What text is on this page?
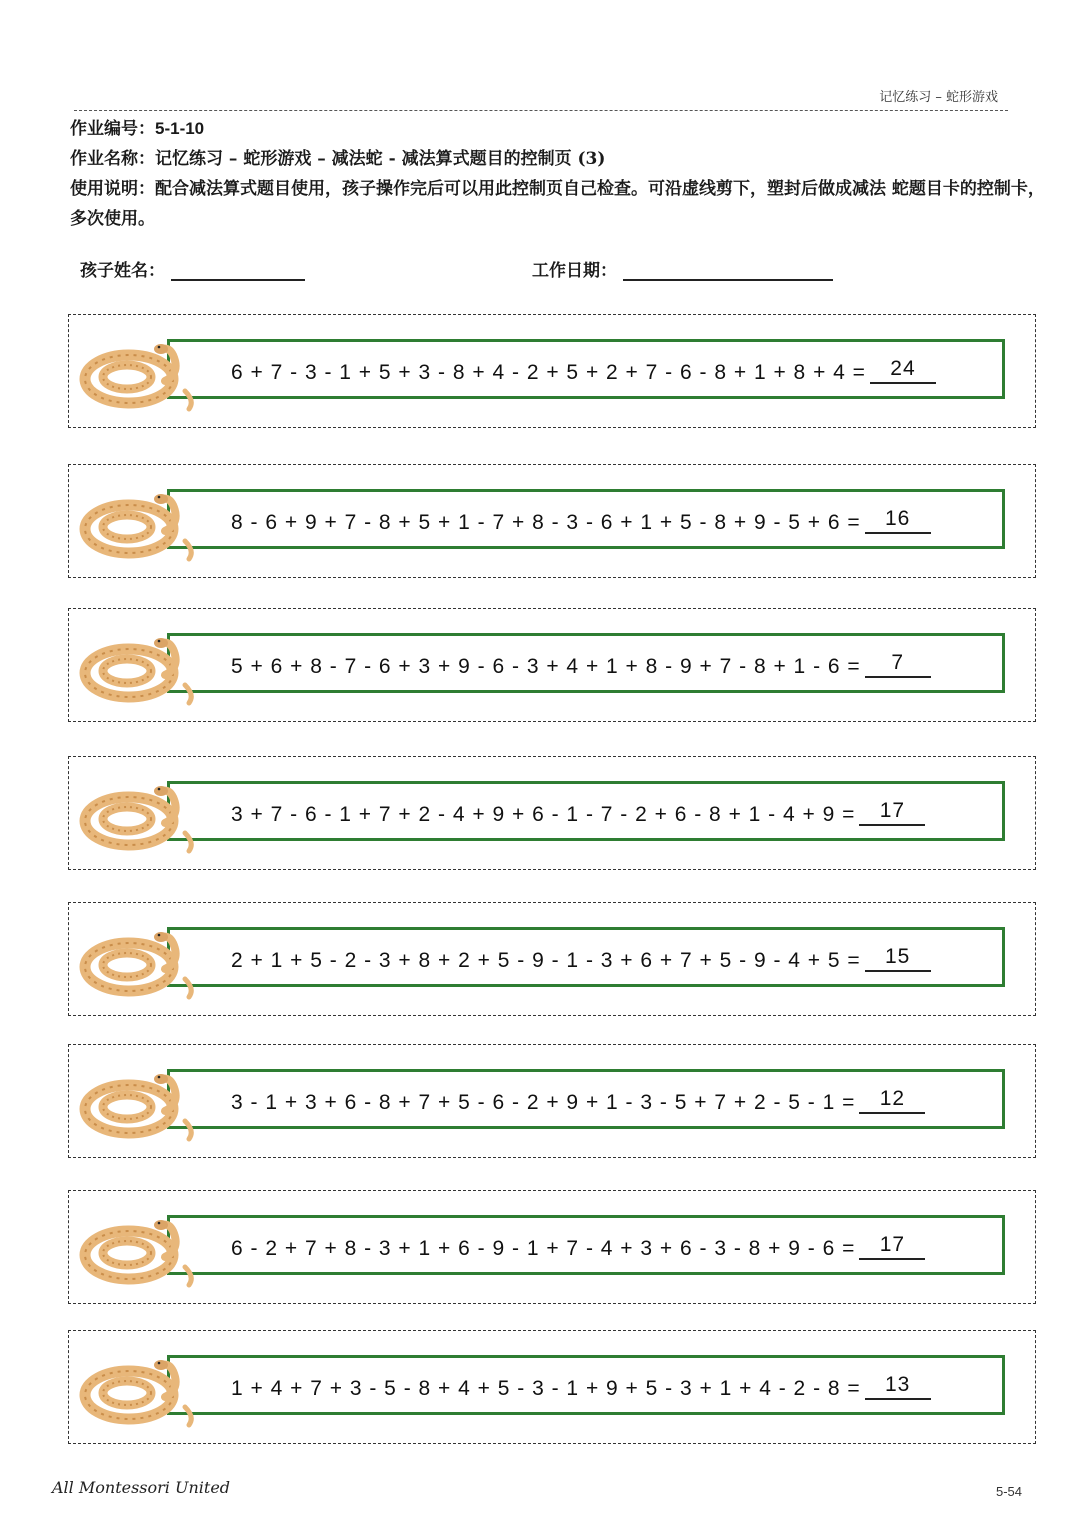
记忆练习 – 蛇形游戏
作业编号：5-1-10
作业名称：记忆练习 – 蛇形游戏 – 减法蛇 - 减法算式题目的控制页 (3)
使用说明：配合减法算式题目使用，孩子操作完后可以用此控制页自己检查。可沿虚线剪下，塑封后做成减法 蛇题目卡的控制卡，多次使用。
孩子姓名：	工作日期：
6 + 7 - 3 - 1 + 5 + 3 - 8 + 4 - 2 + 5 + 2 + 7 - 6 - 8 + 1 + 8 + 4 = 24
8 - 6 + 9 + 7 - 8 + 5 + 1 - 7 + 8 - 3 - 6 + 1 + 5 - 8 + 9 - 5 + 6 = 16
5 + 6 + 8 - 7 - 6 + 3 + 9 - 6 - 3 + 4 + 1 + 8 - 9 + 7 - 8 + 1 - 6 = 7
3 + 7 - 6 - 1 + 7 + 2 - 4 + 9 + 6 - 1 - 7 - 2 + 6 - 8 + 1 - 4 + 9 = 17
2 + 1 + 5 - 2 - 3 + 8 + 2 + 5 - 9 - 1 - 3 + 6 + 7 + 5 - 9 - 4 + 5 = 15
3 - 1 + 3 + 6 - 8 + 7 + 5 - 6 - 2 + 9 + 1 - 3 - 5 + 7 + 2 - 5 - 1 = 12
6 - 2 + 7 + 8 - 3 + 1 + 6 - 9 - 1 + 7 - 4 + 3 + 6 - 3 - 8 + 9 - 6 = 17
1 + 4 + 7 + 3 - 5 - 8 + 4 + 5 - 3 - 1 + 9 + 5 - 3 + 1 + 4 - 2 - 8 = 13
All Montessori United	5-54
